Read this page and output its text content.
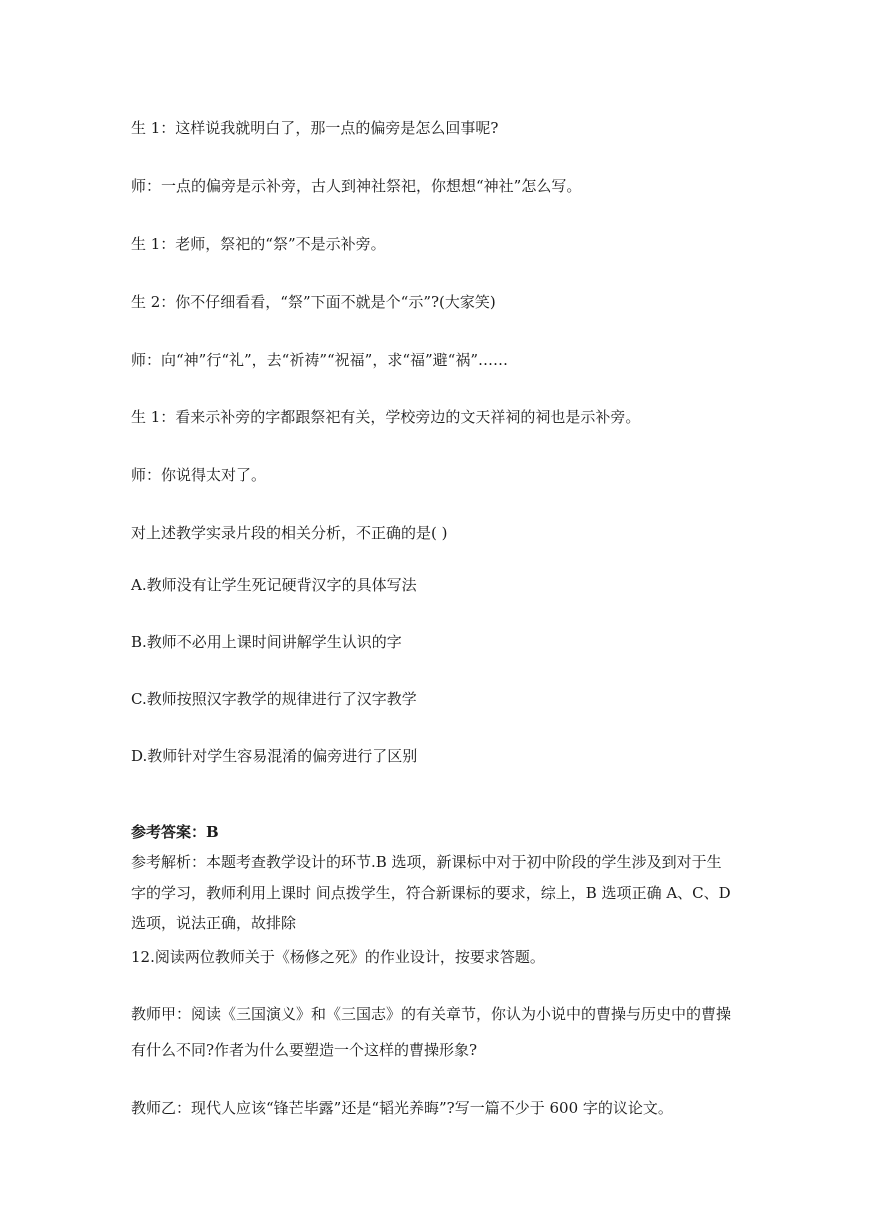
生 1：这样说我就明白了，那一点的偏旁是怎么回事呢?

师：一点的偏旁是示补旁，古人到神社祭祀，你想想“神社”怎么写。

生 1：老师，祭祀的“祭”不是示补旁。

生 2：你不仔细看看，“祭”下面不就是个“示”?(大家笑)

师：向“神”行“礼”，去“祈祷”“祝福”，求“福”避“祸”……

生 1：看来示补旁的字都跟祭祀有关，学校旁边的文天祥祠的祠也是示补旁。

师：你说得太对了。

对上述教学实录片段的相关分析，不正确的是( )

A.教师没有让学生死记硬背汉字的具体写法

B.教师不必用上课时间讲解学生认识的字

C.教师按照汉字教学的规律进行了汉字教学

D.教师针对学生容易混淆的偏旁进行了区别

参考答案：B

参考解析：本题考查教学设计的环节.B 选项，新课标中对于初中阶段的学生涉及到对于生

字的学习，教师利用上课时 间点拨学生，符合新课标的要求，综上，B 选项正确 A、C、D

选项，说法正确，故排除

12.阅读两位教师关于《杨修之死》的作业设计，按要求答题。

教师甲：阅读《三国演义》和《三国志》的有关章节，你认为小说中的曹操与历史中的曹操

有什么不同?作者为什么要塑造一个这样的曹操形象?

教师乙：现代人应该“锋芒毕露”还是“韬光养晦”?写一篇不少于 600 字的议论文。
